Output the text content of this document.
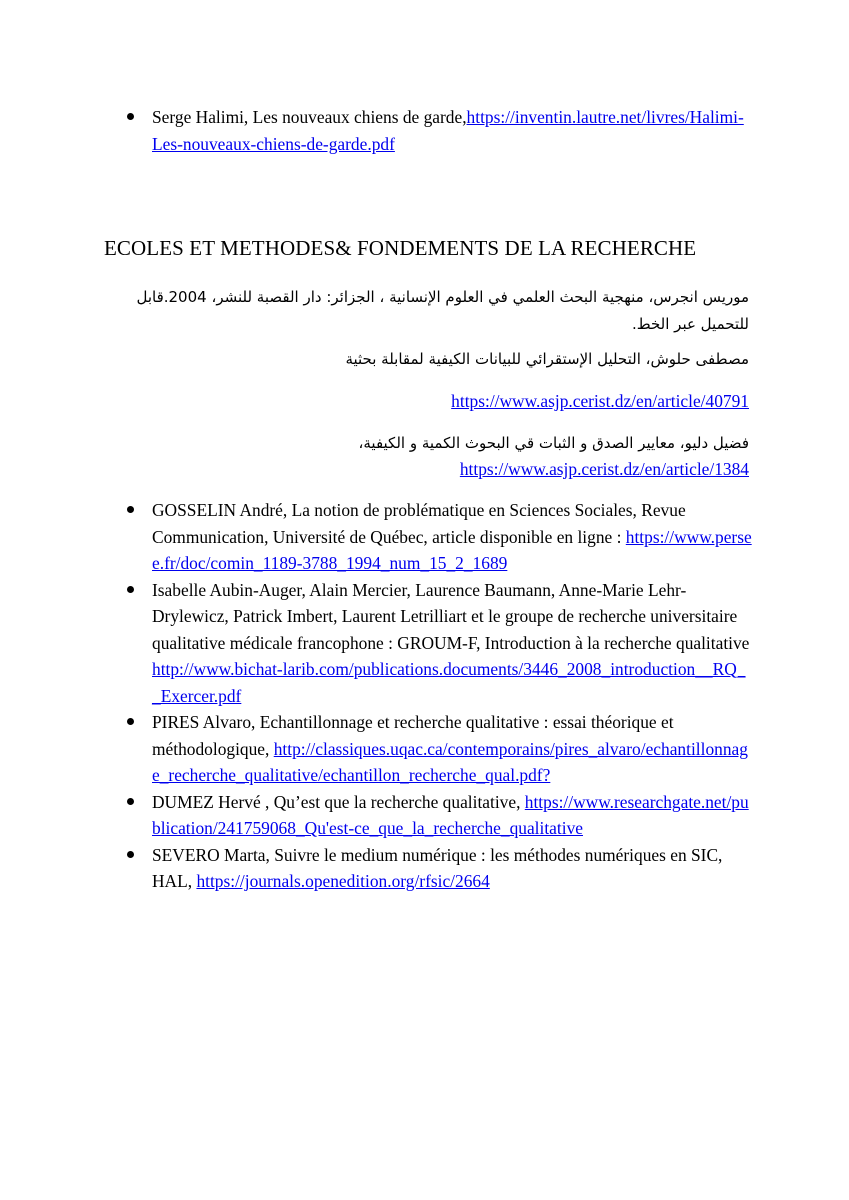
Serge Halimi, Les nouveaux chiens de garde,https://inventin.lautre.net/livres/Halimi-Les-nouveaux-chiens-de-garde.pdf
ECOLES ET METHODES& FONDEMENTS DE LA RECHERCHE
موريس انجرس، منهجية البحث العلمي في العلوم الإنسانية ، الجزائر: دار القصبة للنشر، 2004.قابل للتحميل عبر الخط.
مصطفى حلوش، التحليل الإستقرائي للبيانات الكيفية لمقابلة بحثية
https://www.asjp.cerist.dz/en/article/40791
فضيل دليو، معايير الصدق و الثبات قي البحوث الكمية و الكيفية،
https://www.asjp.cerist.dz/en/article/1384
GOSSELIN André, La notion de problématique en Sciences Sociales, Revue Communication, Université de Québec, article disponible en ligne : https://www.persee.fr/doc/comin_1189-3788_1994_num_15_2_1689
Isabelle Aubin-Auger, Alain Mercier, Laurence Baumann, Anne-Marie Lehr-Drylewicz, Patrick Imbert, Laurent Letrilliart et le groupe de recherche universitaire qualitative médicale francophone : GROUM-F, Introduction à la recherche qualitative http://www.bichat-larib.com/publications.documents/3446_2008_introduction__RQ__Exercer.pdf
PIRES Alvaro, Echantillonnage et recherche qualitative : essai théorique et méthodologique, http://classiques.uqac.ca/contemporains/pires_alvaro/echantillonnage_recherche_qualitative/echantillon_recherche_qual.pdf?
DUMEZ Hervé , Qu’est que la recherche qualitative, https://www.researchgate.net/publication/241759068_Qu'est-ce_que_la_recherche_qualitative
SEVERO Marta, Suivre le medium numérique : les méthodes numériques en SIC, HAL, https://journals.openedition.org/rfsic/2664
